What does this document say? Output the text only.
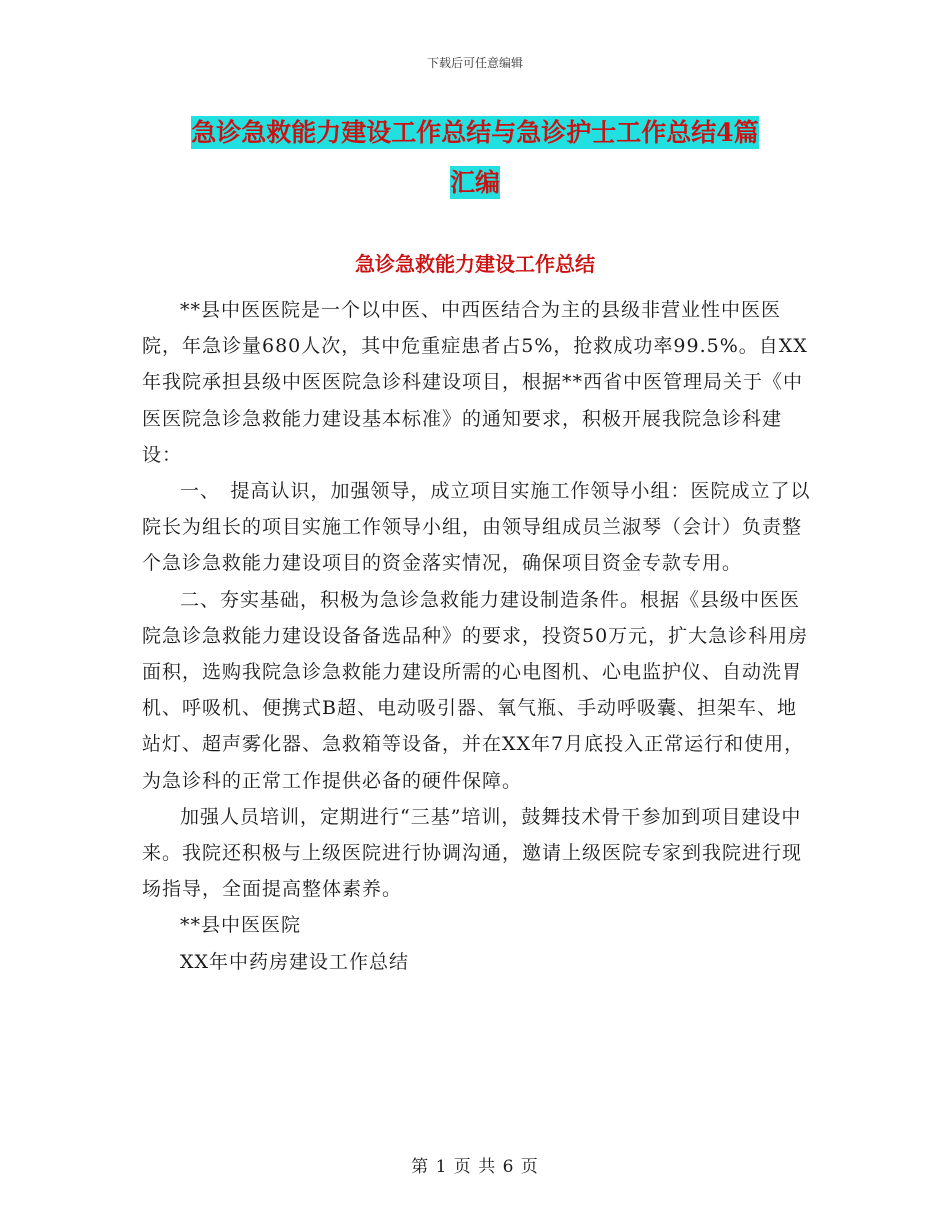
下载后可任意编辑
急诊急救能力建设工作总结与急诊护士工作总结4篇
汇编
急诊急救能力建设工作总结

**县中医医院是一个以中医、中西医结合为主的县级非营业性中医医院，年急诊量680人次，其中危重症患者占5%，抢救成功率99.5%。自XX年我院承担县级中医医院急诊科建设项目，根据**西省中医管理局关于《中医医院急诊急救能力建设基本标准》的通知要求，积极开展我院急诊科建设：

一、　提高认识，加强领导，成立项目实施工作领导小组：医院成立了以院长为组长的项目实施工作领导小组，由领导组成员兰淑琴（会计）负责整个急诊急救能力建设项目的资金落实情况，确保项目资金专款专用。

二、夯实基础，积极为急诊急救能力建设制造条件。根据《县级中医医院急诊急救能力建设设备备选品种》的要求，投资50万元，扩大急诊科用房面积，选购我院急诊急救能力建设所需的心电图机、心电监护仪、自动洗胃机、呼吸机、便携式B超、电动吸引器、氧气瓶、手动呼吸囊、担架车、地站灯、超声雾化器、急救箱等设备，并在XX年7月底投入正常运行和使用，为急诊科的正常工作提供必备的硬件保障。

加强人员培训，定期进行“三基”培训，鼓舞技术骨干参加到项目建设中来。我院还积极与上级医院进行协调沟通，邀请上级医院专家到我院进行现场指导，全面提高整体素养。

**县中医医院

XX年中药房建设工作总结

第 1 页 共 6 页
